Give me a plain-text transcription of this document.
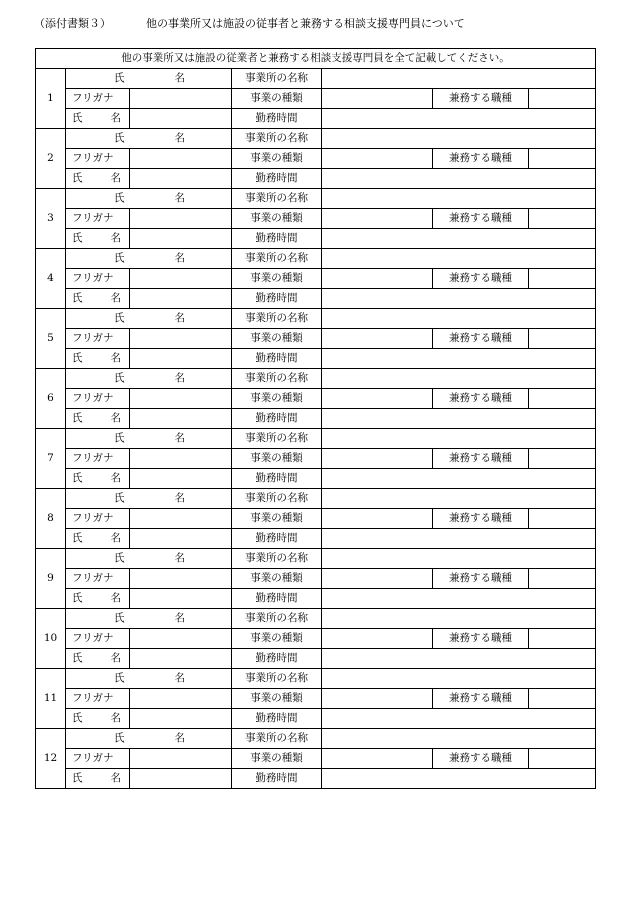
（添付書類３）	他の事業所又は施設の従事者と兼務する相談支援専門員について
他の事業所又は施設の従業者と兼務する相談支援専門員を全て記載してください。						
1	氏 名		事業所の名称			
	フリガナ		事業の種類		兼務する職種	
	氏 名		勤務時間			
2	氏 名		事業所の名称			
	フリガナ		事業の種類		兼務する職種	
	氏 名		勤務時間			
3	氏 名		事業所の名称			
	フリガナ		事業の種類		兼務する職種	
	氏 名		勤務時間			
4	氏 名		事業所の名称			
	フリガナ		事業の種類		兼務する職種	
	氏 名		勤務時間			
5	氏 名		事業所の名称			
	フリガナ		事業の種類		兼務する職種	
	氏 名		勤務時間			
6	氏 名		事業所の名称			
	フリガナ		事業の種類		兼務する職種	
	氏 名		勤務時間			
7	氏 名		事業所の名称			
	フリガナ		事業の種類		兼務する職種	
	氏 名		勤務時間			
8	氏 名		事業所の名称			
	フリガナ		事業の種類		兼務する職種	
	氏 名		勤務時間			
9	氏 名		事業所の名称			
	フリガナ		事業の種類		兼務する職種	
	氏 名		勤務時間			
10	氏 名		事業所の名称			
	フリガナ		事業の種類		兼務する職種	
	氏 名		勤務時間			
11	氏 名		事業所の名称			
	フリガナ		事業の種類		兼務する職種	
	氏 名		勤務時間			
12	氏 名		事業所の名称			
	フリガナ		事業の種類		兼務する職種	
	氏 名		勤務時間			
